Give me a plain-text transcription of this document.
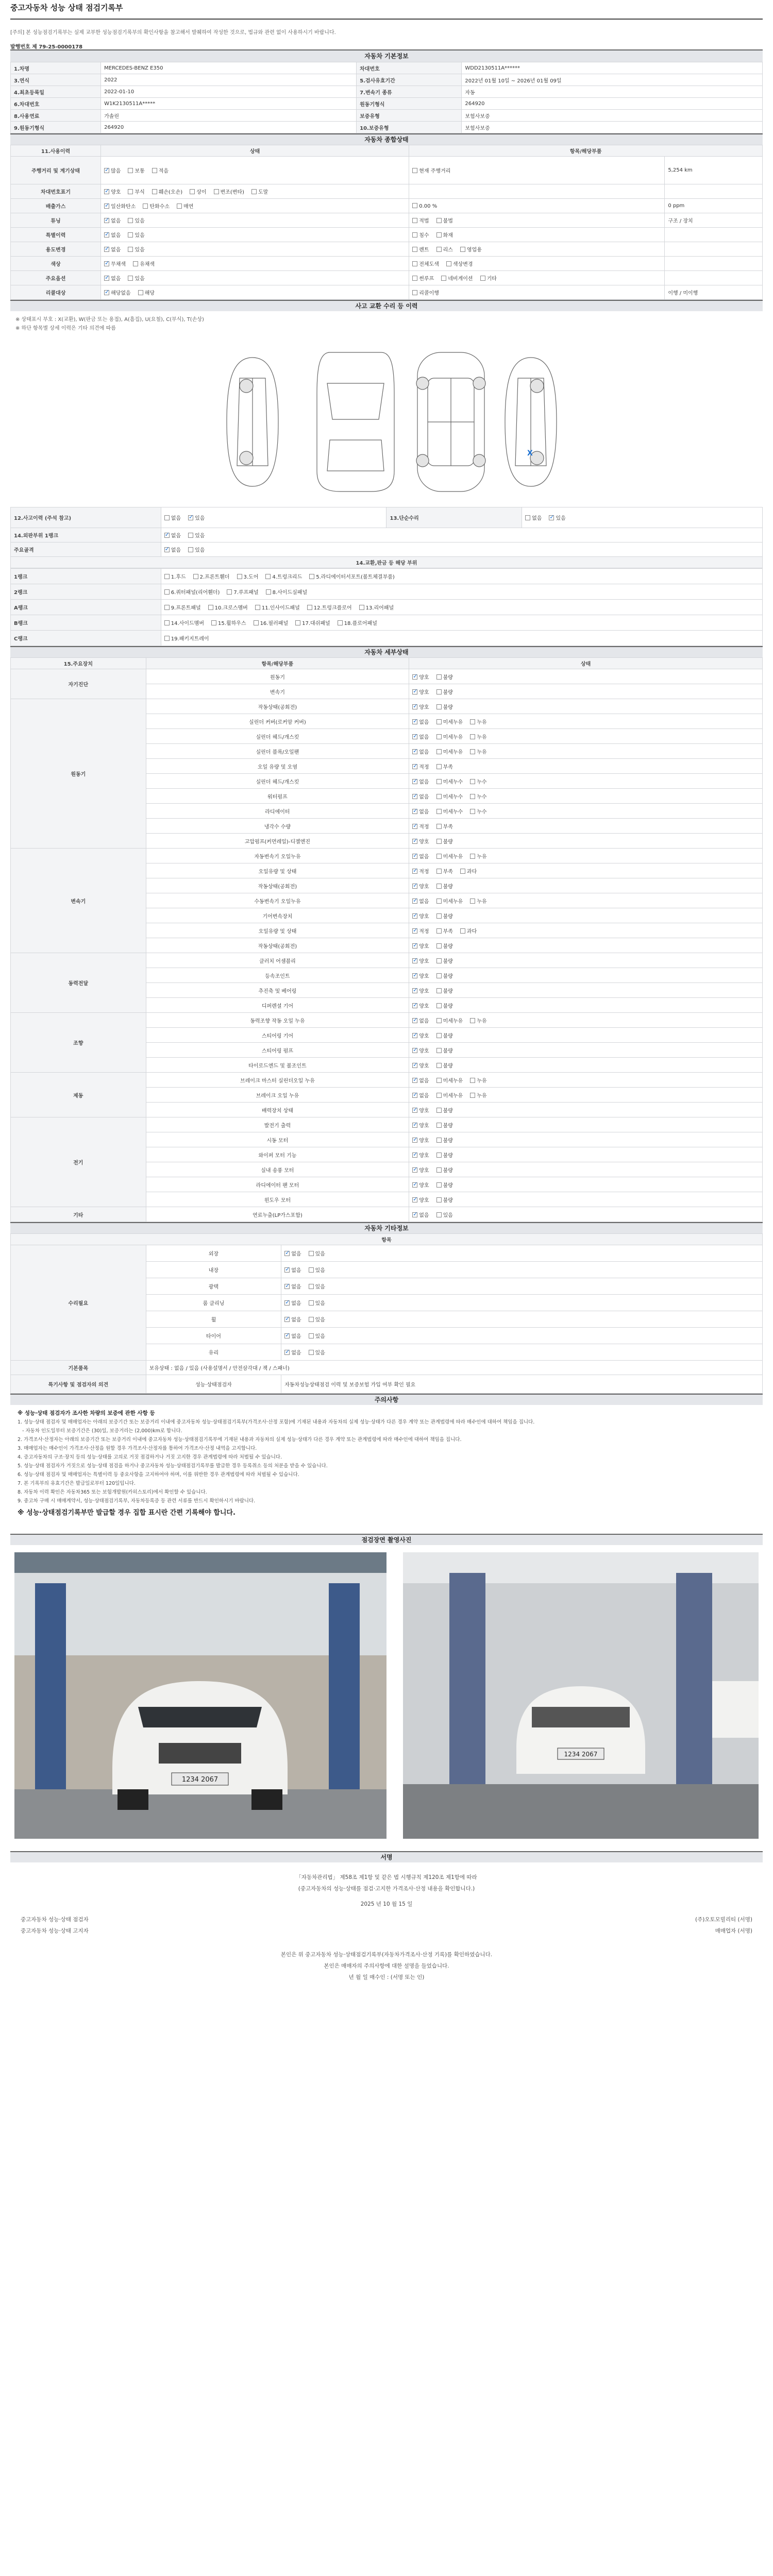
중고자동차 성능 상태 점검기록부
[주의] 본 성능점검기록부는 실제 교부한 성능점검기록부의 확인사항을 참고해서 발췌하여 작성한 것으로, 법규와 관련 없이 사용하시기 바랍니다.
발행번호 제 79-25-0000178
자동차 기본정보
1.차명	MERCEDES-BENZ E350	차대번호	WDD2130511A******
3.연식	2022	5.검사유효기간	2022년 01월 10일 ~ 2026년 01월 09일
4.최초등록일	2022-01-10	7.변속기 종류	자동
6.차대번호	W1K2130511A*****	원동기형식	264920
8.사용연료	가솔린	보증유형	보험사보증
9.원동기형식	264920	10.보증유형	보험사보증
자동차 종합상태
11.사용이력	상태	항목/해당부품	
주행거리 및 계기상태	✓많음 보통 적음	현재 주행거리	5,254 km
차대번호표기	✓양호 부식 훼손(오손) 상이 변조(변타) 도말		
배출가스	✓일산화탄소 탄화수소 매연	0.00 %	0 ppm
튜닝	✓없음 있음	적법 불법	구조 / 장치
특별이력	✓없음 있음	침수 화재	
용도변경	✓없음 있음	렌트 리스 영업용	
색상	✓무채색 유채색	전체도색 색상변경	
주요옵션	✓없음 있음	썬루프 네비게이션 기타	
리콜대상	✓해당없음 해당	리콜이행	이행 / 미이행
사고 교환 수리 등 이력
※ 상태표시 부호 : X(교환), W(판금 또는 용접), A(흠집), U(요철), C(부식), T(손상)
※ 하단 항목별 상세 이력은 기타 의견에 따름
X
12.사고이력 (주석 참고)	없음 ✓ 있음	13.단순수리	없음 ✓ 있음
14.외판부위 1랭크	✓없음 있음
주요골격	✓없음 있음
14.교환,판금 등 해당 부위			
1랭크	1.후드 2.프론트휀더 3.도어 4.트렁크리드 5.라디에이터서포트(볼트체결부품)
2랭크	6.쿼터패널(리어휀더) 7.루프패널 8.사이드실패널
A랭크	9.프론트패널 10.크로스멤버 11.인사이드패널 12.트렁크플로어 13.리어패널
B랭크	14.사이드멤버 15.휠하우스 16.필러패널 17.대쉬패널 18.플로어패널
C랭크	19.패키지트레이
자동차 세부상태
15.주요장치	항목/해당부품	상태
자기진단	원동기	✓양호 불량
	변속기	✓양호 불량
원동기	작동상태(공회전)	✓양호 불량
	실린더 커버(로커암 커버)	✓없음 미세누유 누유
	실린더 헤드/개스킷	✓없음 미세누유 누유
	실린더 블록/오일팬	✓없음 미세누유 누유
	오일 유량 및 오염	✓적정 부족
	실린더 헤드/개스킷	✓없음 미세누수 누수
	워터펌프	✓없음 미세누수 누수
	라디에이터	✓없음 미세누수 누수
	냉각수 수량	✓적정 부족
	고압펌프(커먼레일)-디젤엔진	✓양호 불량
변속기	자동변속기 오일누유	✓없음 미세누유 누유
	오일유량 및 상태	✓적정 부족 과다
	작동상태(공회전)	✓양호 불량
	수동변속기 오일누유	✓없음 미세누유 누유
	기어변속장치	✓양호 불량
	오일유량 및 상태	✓적정 부족 과다
	작동상태(공회전)	✓양호 불량
동력전달	클러치 어셈블리	✓양호 불량
	등속조인트	✓양호 불량
	추진축 및 베어링	✓양호 불량
	디퍼렌셜 기어	✓양호 불량
조향	동력조향 작동 오일 누유	✓없음 미세누유 누유
	스티어링 기어	✓양호 불량
	스티어링 펌프	✓양호 불량
	타이로드엔드 및 볼조인트	✓양호 불량
제동	브레이크 마스터 실린더오일 누유	✓없음 미세누유 누유
	브레이크 오일 누유	✓없음 미세누유 누유
	배력장치 상태	✓양호 불량
전기	발전기 출력	✓양호 불량
	시동 모터	✓양호 불량
	와이퍼 모터 기능	✓양호 불량
	실내 송풍 모터	✓양호 불량
	라디에이터 팬 모터	✓양호 불량
	윈도우 모터	✓양호 불량
기타	연료누출(LP가스포함)	✓없음 있음
자동차 기타정보
항목		
수리필요	외장	✓없음 있음
	내장	✓없음 있음
	광택	✓없음 있음
	룸 클리닝	✓없음 있음
	휠	✓없음 있음
	타이어	✓없음 있음
	유리	✓없음 있음
기본품목	보유상태 : 없음 / 있음 (사용설명서 / 안전삼각대 / 잭 / 스패너)	
특기사항 및 점검자의 의견	성능·상태점검자	자동차성능상태점검 이력 및 보증보험 가입 여부 확인 필요
주의사항
※ 성능·상태 점검자가 조사한 차량의 보증에 관한 사항 등
1. 성능·상태 점검자 및 매매업자는 아래의 보증기간 또는 보증거리 이내에 중고자동차 성능·상태점검기록부(가격조사·산정 포함)에 기재된 내용과 자동차의 실제 성능·상태가 다른 경우 계약 또는 관계법령에 따라 매수인에 대하여 책임을 집니다.
- 자동차 인도일부터 보증기간은 (30)일, 보증거리는 (2,000)km로 합니다.
2. 가격조사·산정자는 아래의 보증기간 또는 보증거리 이내에 중고자동차 성능·상태점검기록부에 기재된 내용과 자동차의 실제 성능·상태가 다른 경우 계약 또는 관계법령에 따라 매수인에 대하여 책임을 집니다.
3. 매매업자는 매수인이 가격조사·산정을 원할 경우 가격조사·산정자를 통하여 가격조사·산정 내역을 고지합니다.
4. 증고자동차의 구조·장치 등의 성능·상태를 고의로 거짓 점검하거나 거짓 고지한 경우 관계법령에 따라 처벌될 수 있습니다.
5. 성능·상태 점검자가 거짓으로 성능·상태 점검을 하거나 중고자동차 성능·상태점검기록부를 발급한 경우 등록취소 등의 처분을 받을 수 있습니다.
6. 성능·상태 점검자 및 매매업자는 특별이력 등 중요사항을 고지하여야 하며, 이를 위반한 경우 관계법령에 따라 처벌될 수 있습니다.
7. 본 기록부의 유효기간은 발급일로부터 120일입니다.
8. 자동차 이력 확인은 자동차365 또는 보험개발원(카히스토리)에서 확인할 수 있습니다.
9. 중고차 구매 시 매매계약서, 성능·상태점검기록부, 자동차등록증 등 관련 서류를 반드시 확인하시기 바랍니다.
※ 성능·상태점검기록부만 발급할 경우 집합 표시란 간편 기록해야 합니다.
점검장면 촬영사진
1234 2067
1234 2067
서명
「자동차관리법」 제58조 제1항 및 같은 법 시행규칙 제120조 제1항에 따라
(중고자동차의 성능·상태를 점검·고지한 가격조사·산정 내용을 확인합니다.)
2025 년 10 월 15 일
중고자동차 성능·상태 점검자	(주)오토모빌리티 (서명)
중고자동차 성능·상태 고지자	매매업자 (서명)
본인은 위 중고자동차 성능·상태점검기록부(자동차가격조사·산정 기록)를 확인하였습니다.
본인은 매매자의 주의사항에 대한 설명을 들었습니다.
년 월 일 매수인 : (서명 또는 인)
